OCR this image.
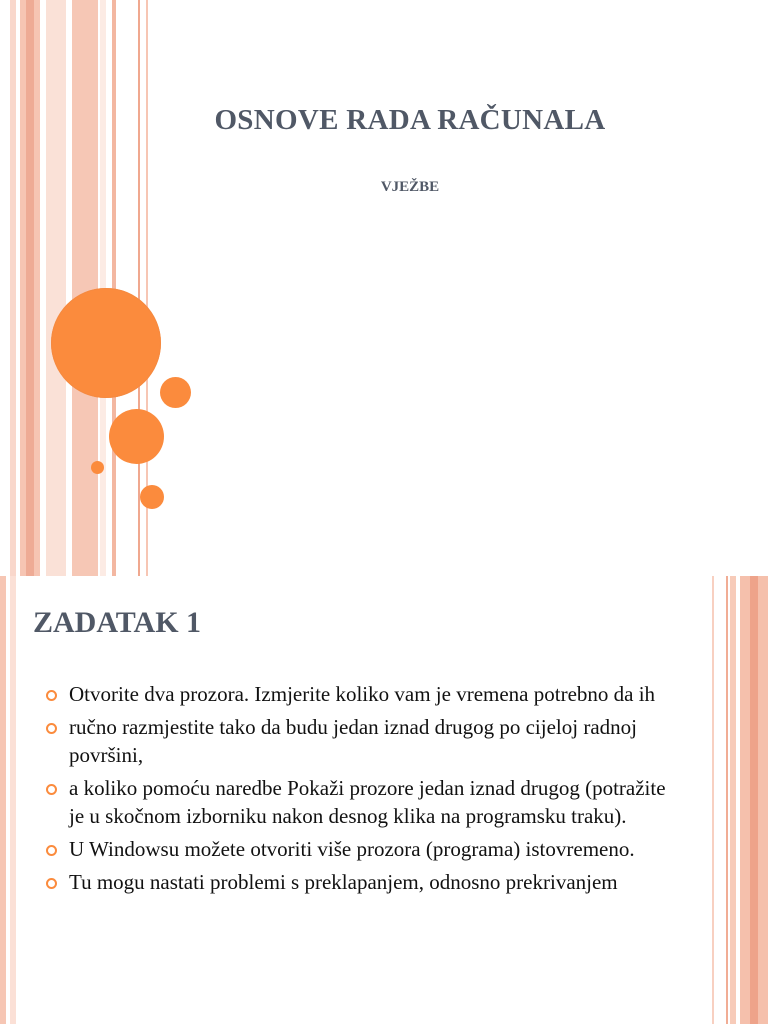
OSNOVE RADA RAČUNALA
VJEŽBE
ZADATAK 1
Otvorite dva prozora. Izmjerite koliko vam je vremena potrebno da ih
ručno razmjestite tako da budu jedan iznad drugog po cijeloj radnoj površini,
a koliko pomoću naredbe Pokaži prozore jedan iznad drugog (potražite je u skočnom izborniku nakon desnog klika na programsku traku).
U Windowsu možete otvoriti više prozora (programa) istovremeno.
Tu mogu nastati problemi s preklapanjem, odnosno prekrivanjem
